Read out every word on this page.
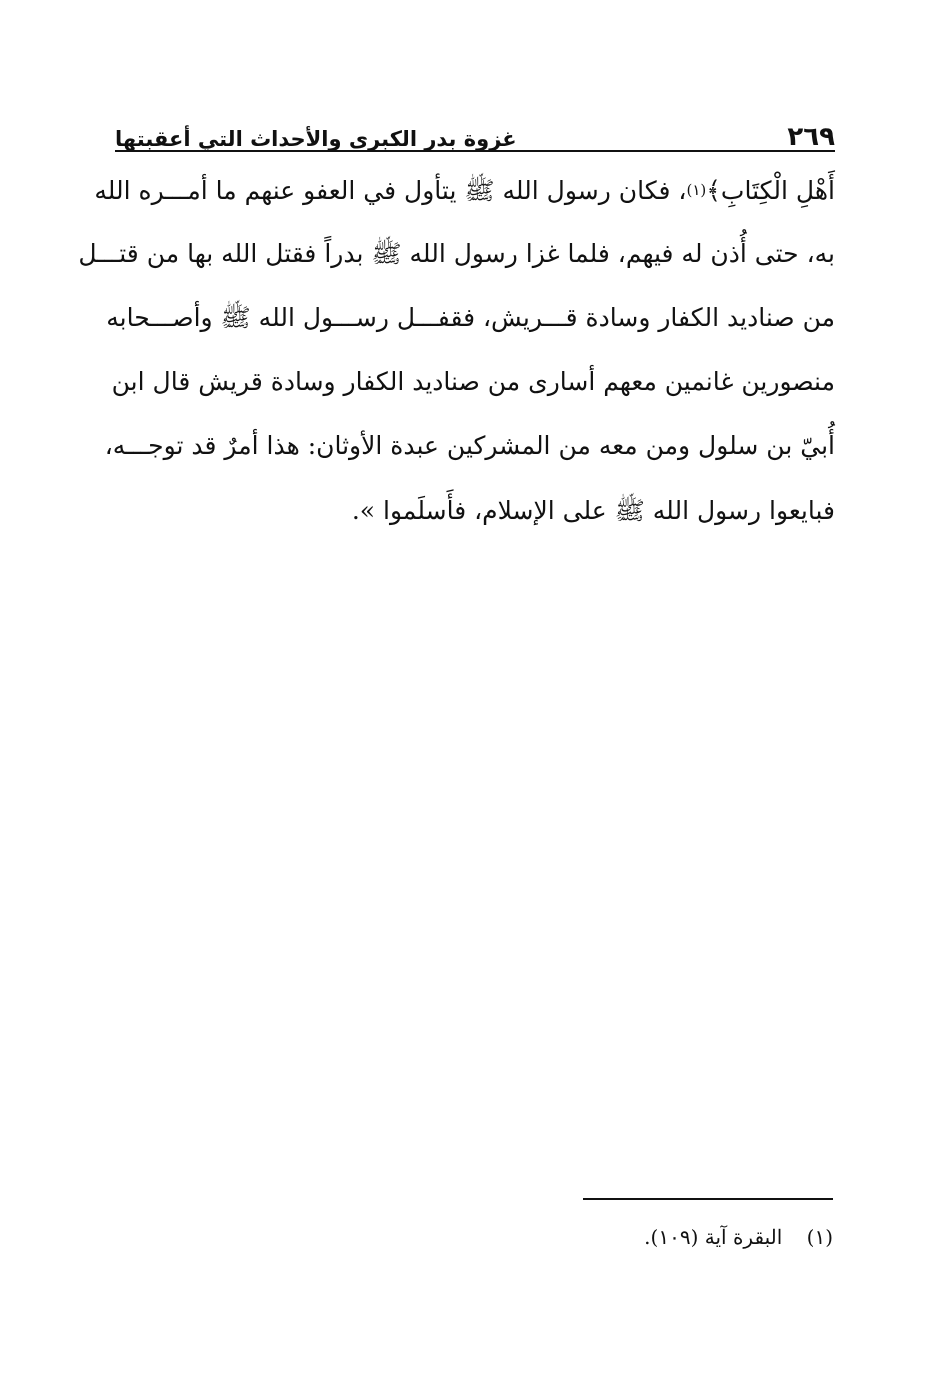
٢٦٩
غزوة بدر الكبرى والأحداث التي أعقبتها
أَهْلِ الْكِتَابِ﴾
(١)
، فكان رسول الله ﷺ يتأول في العفو عنهم ما أمـــره الله
به، حتى أُذن له فيهم، فلما غزا رسول الله ﷺ بدراً فقتل الله بها من قتـــل
من صناديد الكفار وسادة قـــريش، فقفـــل رســـول الله ﷺ وأصـــحابه
منصورين غانمين معهم أسارى من صناديد الكفار وسادة قريش قال ابن
أُبيّ بن سلول ومن معه من المشركين عبدة الأوثان: هذا أمرٌ قد توجـــه،
فبايعوا رسول الله ﷺ على الإسلام، فأَسلَموا ».
(١) البقرة آية (١٠٩).
